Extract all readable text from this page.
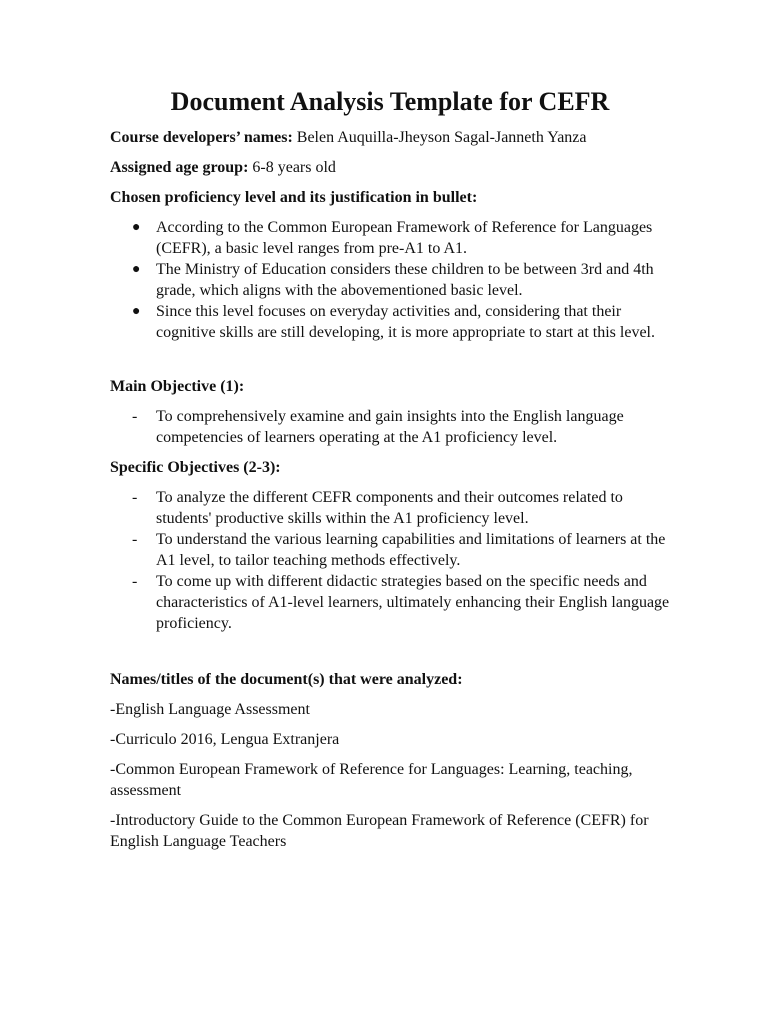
Document Analysis Template for CEFR
Course developers’ names: Belen Auquilla-Jheyson Sagal-Janneth Yanza
Assigned age group: 6-8 years old
Chosen proficiency level and its justification in bullet:
● According to the Common European Framework of Reference for Languages (CEFR), a basic level ranges from pre-A1 to A1.
● The Ministry of Education considers these children to be between 3rd and 4th grade, which aligns with the abovementioned basic level.
● Since this level focuses on everyday activities and, considering that their cognitive skills are still developing, it is more appropriate to start at this level.
Main Objective (1):
- To comprehensively examine and gain insights into the English language competencies of learners operating at the A1 proficiency level.
Specific Objectives (2-3):
- To analyze the different CEFR components and their outcomes related to students' productive skills within the A1 proficiency level.
- To understand the various learning capabilities and limitations of learners at the A1 level, to tailor teaching methods effectively.
- To come up with different didactic strategies based on the specific needs and characteristics of A1-level learners, ultimately enhancing their English language proficiency.
Names/titles of the document(s) that were analyzed:
-English Language Assessment
-Curriculo 2016, Lengua Extranjera
-Common European Framework of Reference for Languages: Learning, teaching, assessment
-Introductory Guide to the Common European Framework of Reference (CEFR) for English Language Teachers
